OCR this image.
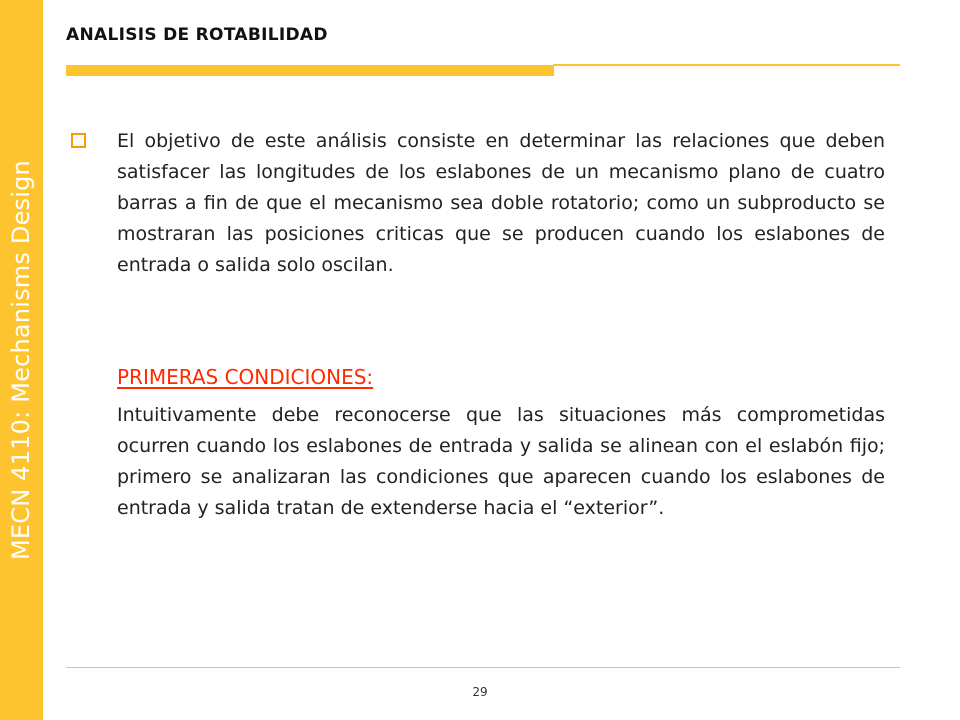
MECN 4110: Mechanisms Design
ANALISIS DE ROTABILIDAD

El objetivo de este análisis consiste en determinar las relaciones que deben satisfacer las longitudes de los eslabones de un mecanismo plano de cuatro barras a fin de que el mecanismo sea doble rotatorio; como un subproducto se mostraran las posiciones criticas que se producen cuando los eslabones de entrada o salida solo oscilan.

PRIMERAS CONDICIONES:

Intuitivamente debe reconocerse que las situaciones más comprometidas ocurren cuando los eslabones de entrada y salida se alinean con el eslabón fijo; primero se analizaran las condiciones que aparecen cuando los eslabones de entrada y salida tratan de extenderse hacia el “exterior”.

29
